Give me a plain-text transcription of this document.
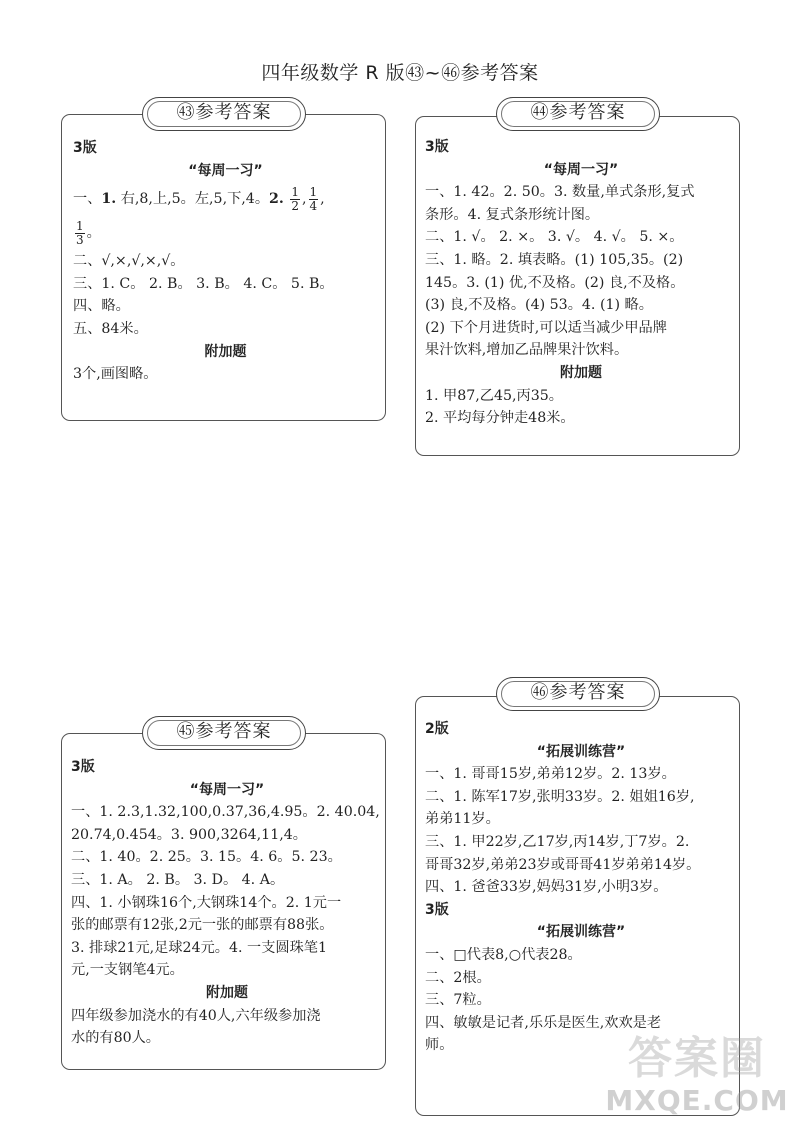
四年级数学 R 版㊸~㊻参考答案
㊸参考答案
3版
“每周一习”
一、1. 右,8,上,5。左,5,下,4。2. $\frac{1}{2}$ , $\frac{1}{4}$ ,
$\frac{1}{3}$ 。
二、√,×,√,×,√。
三、1. C。 2. B。 3. B。 4. C。 5. B。
四、略。
五、84米。
附加题
3个,画图略。
㊹参考答案
3版
“每周一习”
一、1. 42。2. 50。3. 数量,单式条形,复式
条形。4. 复式条形统计图。
二、1. √。 2. ×。 3. √。 4. √。 5. ×。
三、1. 略。2. 填表略。(1) 105,35。(2)
145。3. (1) 优,不及格。(2) 良,不及格。
(3) 良,不及格。(4) 53。4. (1) 略。
(2) 下个月进货时,可以适当减少甲品牌
果汁饮料,增加乙品牌果汁饮料。
附加题
1. 甲87,乙45,丙35。
2. 平均每分钟走48米。
㊺参考答案
3版
“每周一习”
一、1. 2.3,1.32,100,0.37,36,4.95。2. 40.04,
20.74,0.454。3. 900,3264,11,4。
二、1. 40。2. 25。3. 15。4. 6。5. 23。
三、1. A。 2. B。 3. D。 4. A。
四、1. 小钢珠16个,大钢珠14个。2. 1元一
张的邮票有12张,2元一张的邮票有88张。
3. 排球21元,足球24元。4. 一支圆珠笔1
元,一支钢笔4元。
附加题
四年级参加浇水的有40人,六年级参加浇
水的有80人。
㊻参考答案
2版
“拓展训练营”
一、1. 哥哥15岁,弟弟12岁。2. 13岁。
二、1. 陈军17岁,张明33岁。2. 姐姐16岁,
弟弟11岁。
三、1. 甲22岁,乙17岁,丙14岁,丁7岁。2.
哥哥32岁,弟弟23岁或哥哥41岁弟弟14岁。
四、1. 爸爸33岁,妈妈31岁,小明3岁。
3版
“拓展训练营”
一、□代表8,○代表28。
二、2根。
三、7粒。
四、敏敏是记者,乐乐是医生,欢欢是老
师。	答案圈
MXQE.COM
